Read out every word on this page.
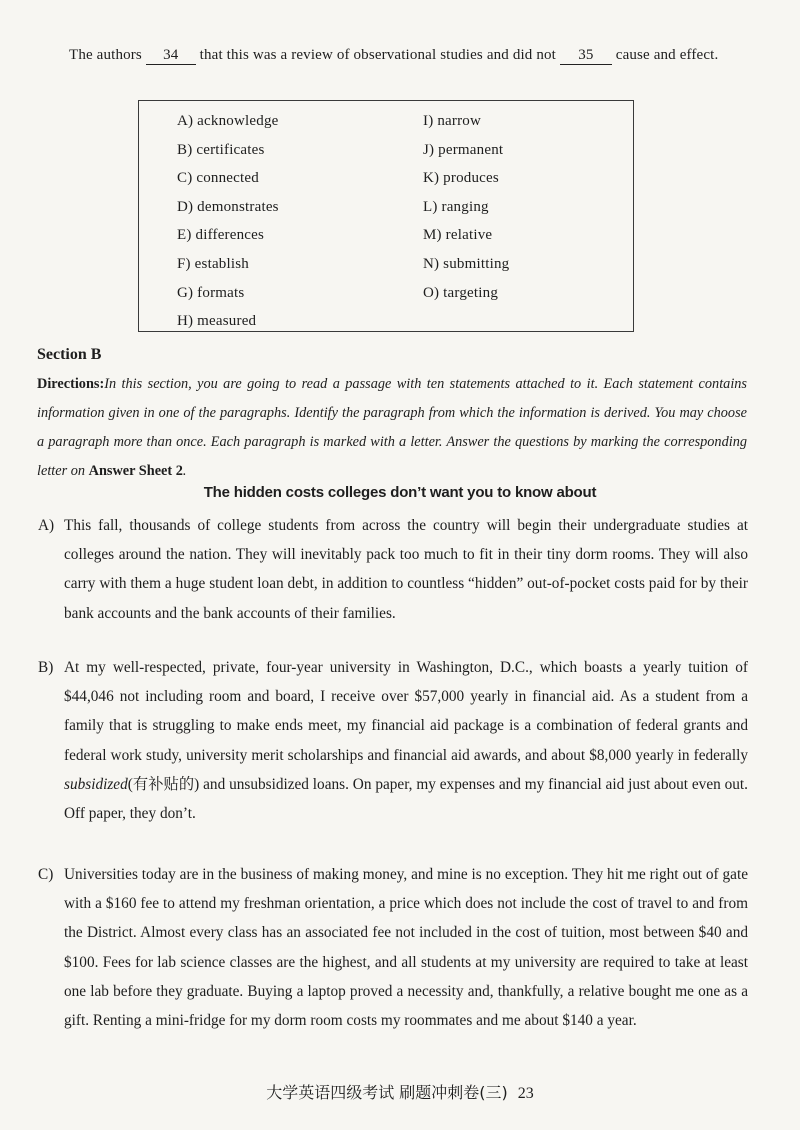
The authors 34 that this was a review of observational studies and did not 35 cause and effect.
A) acknowledge
B) certificates
C) connected
D) demonstrates
E) differences
F) establish
G) formats
H) measured
I) narrow
J) permanent
K) produces
L) ranging
M) relative
N) submitting
O) targeting
Section B
Directions:In this section, you are going to read a passage with ten statements attached to it. Each statement contains information given in one of the paragraphs. Identify the paragraph from which the information is derived. You may choose a paragraph more than once. Each paragraph is marked with a letter. Answer the questions by marking the corresponding letter on Answer Sheet 2.
The hidden costs colleges don’t want you to know about
A) This fall, thousands of college students from across the country will begin their undergraduate studies at colleges around the nation. They will inevitably pack too much to fit in their tiny dorm rooms. They will also carry with them a huge student loan debt, in addition to countless “hidden” out-of-pocket costs paid for by their bank accounts and the bank accounts of their families.
B) At my well-respected, private, four-year university in Washington, D.C., which boasts a yearly tuition of $44,046 not including room and board, I receive over $57,000 yearly in financial aid. As a student from a family that is struggling to make ends meet, my financial aid package is a combination of federal grants and federal work study, university merit scholarships and financial aid awards, and about $8,000 yearly in federally subsidized(有补贴的) and unsubsidized loans. On paper, my expenses and my financial aid just about even out. Off paper, they don’t.
C) Universities today are in the business of making money, and mine is no exception. They hit me right out of gate with a $160 fee to attend my freshman orientation, a price which does not include the cost of travel to and from the District. Almost every class has an associated fee not included in the cost of tuition, most between $40 and $100. Fees for lab science classes are the highest, and all students at my university are required to take at least one lab before they graduate. Buying a laptop proved a necessity and, thankfully, a relative bought me one as a gift. Renting a mini-fridge for my dorm room costs my roommates and me about $140 a year.
大学英语四级考试 刷题冲刺卷(三) 23
